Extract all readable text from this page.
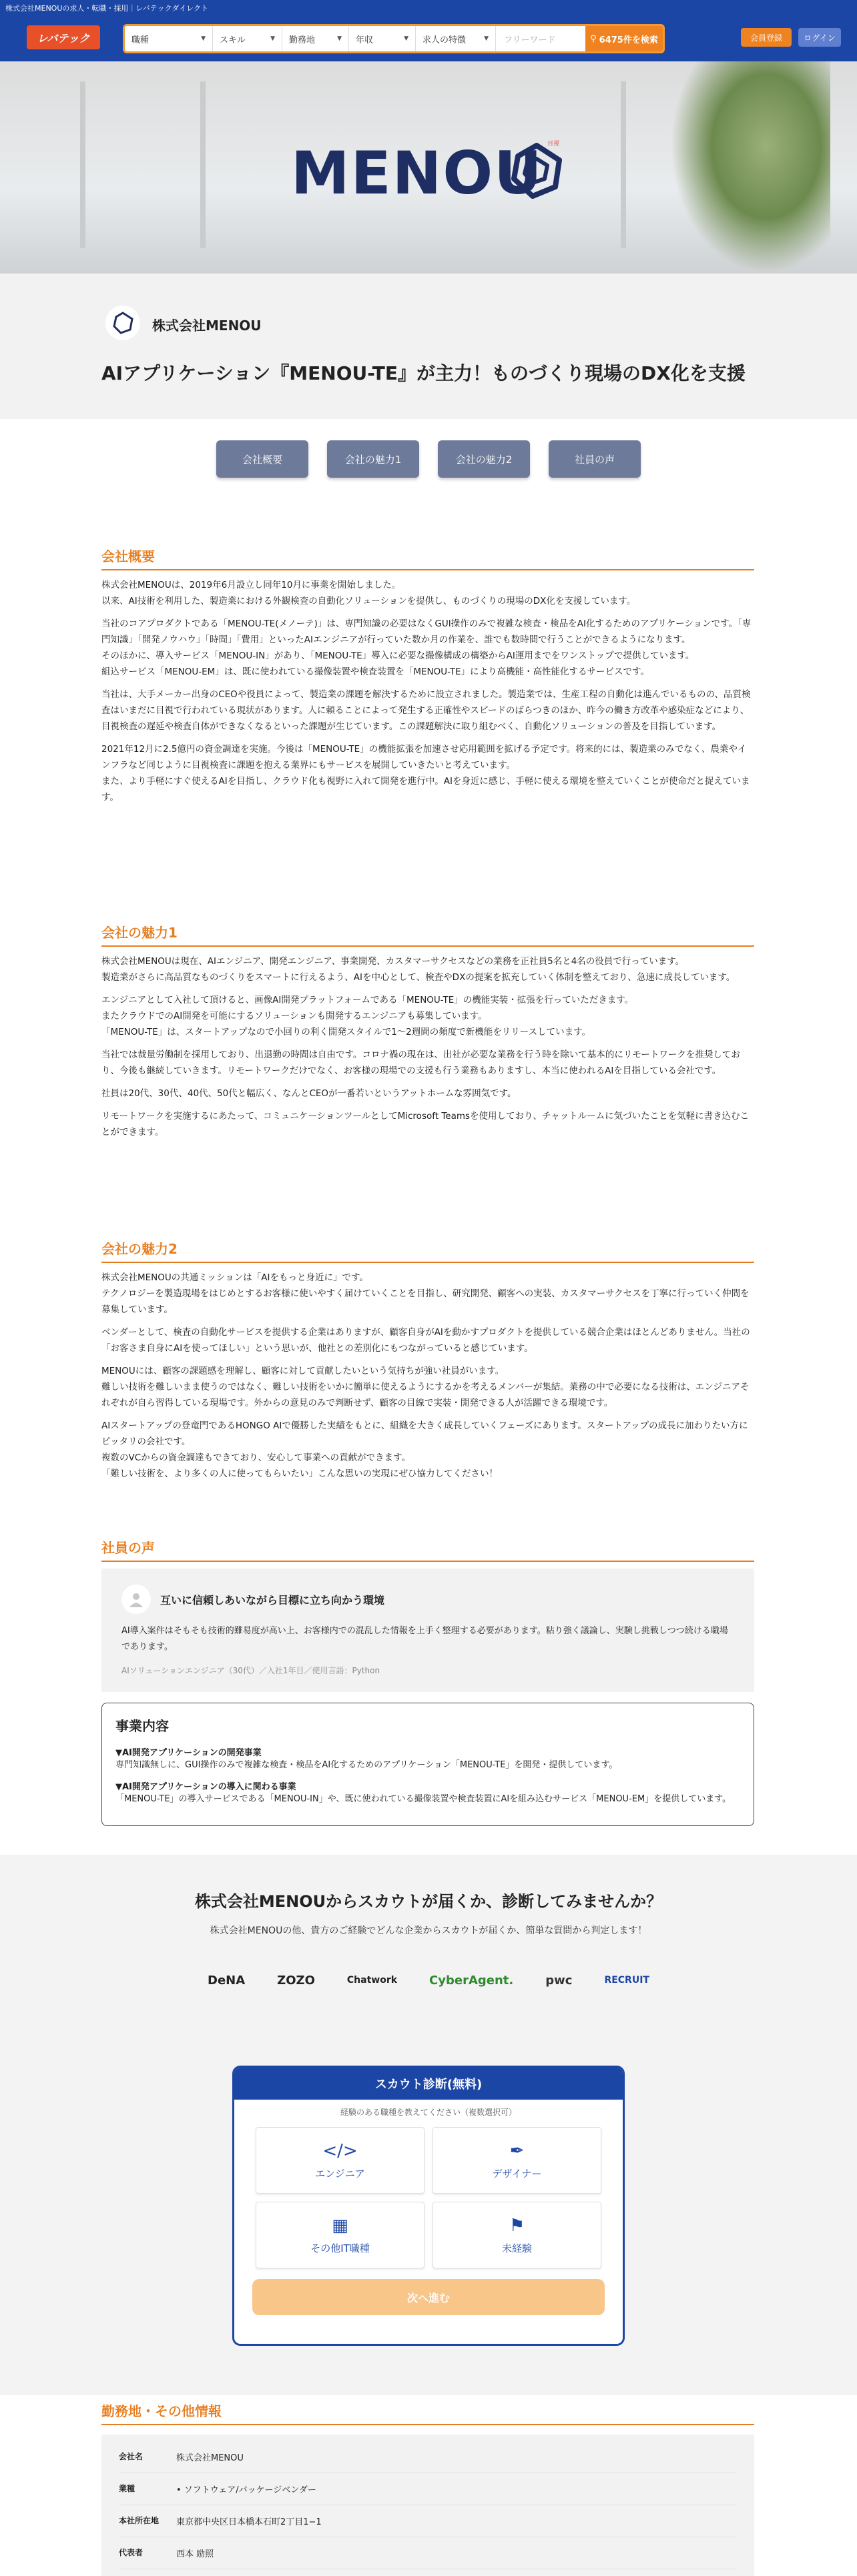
株式会社MENOUの求人・転職・採用｜レバテックダイレクト
レバテック	職種	▼ スキル	▼ 勤務地	▼ 年収	▼ 求人の特徴	▼	フリーワード	⚲ 6475件を検索	会員登録	ログイン
MENOU 目視
株式会社MENOU
AIアプリケーション『MENOU-TE』が主力！ものづくり現場のDX化を支援
会社概要	会社の魅力1	会社の魅力2	社員の声
会社概要

株式会社MENOUは、2019年6月設立し同年10月に事業を開始しました。
以来、AI技術を利用した、製造業における外観検査の自動化ソリューションを提供し、ものづくりの現場のDX化を支援しています。

当社のコアプロダクトである「MENOU-TE(メノーテ)」は、専門知識の必要はなくGUI操作のみで複雑な検査・検品をAI化するためのアプリケーションです。「専門知識」「開発ノウハウ」「時間」「費用」といったAIエンジニアが行っていた数か月の作業を、誰でも数時間で行うことができるようになります。
そのほかに、導入サービス「MENOU-IN」があり、「MENOU-TE」導入に必要な撮像構成の構築からAI運用までをワンストップで提供しています。
組込サービス「MENOU-EM」は、既に使われている撮像装置や検査装置を「MENOU-TE」により高機能・高性能化するサービスです。

当社は、大手メーカー出身のCEOや役員によって、製造業の課題を解決するために設立されました。製造業では、生産工程の自動化は進んでいるものの、品質検査はいまだに目視で行われている現状があります。人に頼ることによって発生する正確性やスピードのばらつきのほか、昨今の働き方改革や感染症などにより、目視検査の遅延や検査自体ができなくなるといった課題が生じています。この課題解決に取り組むべく、自動化ソリューションの普及を目指しています。

2021年12月に2.5億円の資金調達を実施。今後は「MENOU-TE」の機能拡張を加速させ応用範囲を拡げる予定です。将来的には、製造業のみでなく、農業やインフラなど同じように目視検査に課題を抱える業界にもサービスを展開していきたいと考えています。
また、より手軽にすぐ使えるAIを目指し、クラウド化も視野に入れて開発を進行中。AIを身近に感じ、手軽に使える環境を整えていくことが使命だと捉えています。

会社の魅力1

株式会社MENOUは現在、AIエンジニア、開発エンジニア、事業開発、カスタマーサクセスなどの業務を正社員5名と4名の役員で行っています。
製造業がさらに高品質なものづくりをスマートに行えるよう、AIを中心として、検査やDXの提案を拡充していく体制を整えており、急速に成長しています。

エンジニアとして入社して頂けると、画像AI開発プラットフォームである「MENOU-TE」の機能実装・拡張を行っていただきます。
またクラウドでのAI開発を可能にするソリューションも開発するエンジニアも募集しています。
「MENOU-TE」は、スタートアップなので小回りの利く開発スタイルで1〜2週間の頻度で新機能をリリースしています。

当社では裁量労働制を採用しており、出退勤の時間は自由です。コロナ禍の現在は、出社が必要な業務を行う時を除いて基本的にリモートワークを推奨しており、今後も継続していきます。リモートワークだけでなく、お客様の現場での支援も行う業務もありますし、本当に使われるAIを目指している会社です。

社員は20代、30代、40代、50代と幅広く、なんとCEOが一番若いというアットホームな雰囲気です。

リモートワークを実施するにあたって、コミュニケーションツールとしてMicrosoft Teamsを使用しており、チャットルームに気づいたことを気軽に書き込むことができます。

会社の魅力2

株式会社MENOUの共通ミッションは「AIをもっと身近に」です。
テクノロジーを製造現場をはじめとするお客様に使いやすく届けていくことを目指し、研究開発、顧客への実装、カスタマーサクセスを丁寧に行っていく仲間を募集しています。

ベンダーとして、検査の自動化サービスを提供する企業はありますが、顧客自身がAIを動かすプロダクトを提供している競合企業はほとんどありません。当社の「お客さま自身にAIを使ってほしい」という思いが、他社との差別化にもつながっていると感じています。

MENOUには、顧客の課題感を理解し、顧客に対して貢献したいという気持ちが強い社員がいます。
難しい技術を難しいまま使うのではなく、難しい技術をいかに簡単に使えるようにするかを考えるメンバーが集結。業務の中で必要になる技術は、エンジニアそれぞれが自ら習得している現場です。外からの意見のみで判断せず、顧客の目線で実装・開発できる人が活躍できる環境です。

AIスタートアップの登竜門であるHONGO AIで優勝した実績をもとに、組織を大きく成長していくフェーズにあります。スタートアップの成長に加わりたい方にピッタリの会社です。
複数のVCからの資金調達もできており、安心して事業への貢献ができます。
「難しい技術を、より多くの人に使ってもらいたい」こんな思いの実現にぜひ協力してください！

社員の声
互いに信頼しあいながら目標に立ち向かう環境
AI導入案件はそもそも技術的難易度が高い上、お客様内での混乱した情報を上手く整理する必要があります。粘り強く議論し、実験し挑戦しつつ続ける職場であります。
AIソリューションエンジニア（30代）／入社1年目／使用言語：Python
事業内容
▼AI開発アプリケーションの開発事業
専門知識無しに、GUI操作のみで複雑な検査・検品をAI化するためのアプリケーション「MENOU-TE」を開発・提供しています。
▼AI開発アプリケーションの導入に関わる事業
「MENOU-TE」の導入サービスである「MENOU-IN」や、既に使われている撮像装置や検査装置にAIを組み込むサービス「MENOU-EM」を提供しています。
株式会社MENOUからスカウトが届くか、診断してみませんか？
株式会社MENOUの他、貴方のご経験でどんな企業からスカウトが届くか、簡単な質問から判定します！
DeNA	ZOZO	Chatwork	CyberAgent.	pwc	RECRUIT
スカウト診断(無料)
経験のある職種を教えてください（複数選択可）
</>
エンジニア
✒
デザイナー
▦
その他IT職種
⚑
未経験
次へ進む
勤務地・その他情報
会社名	株式会社MENOU
業種	• ソフトウェア/パッケージベンダー
本社所在地	東京都中央区日本橋本石町2丁目1−1
代表者	西本 励照
